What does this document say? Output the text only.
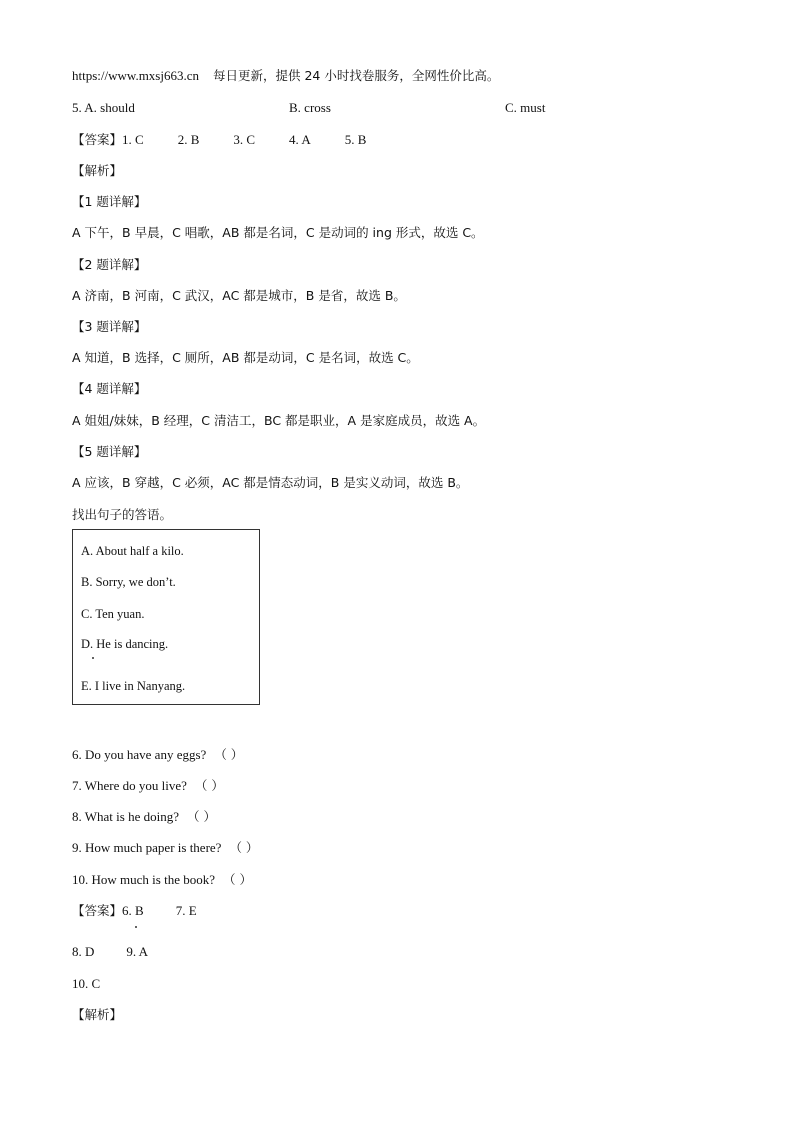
https://www.mxsj663.cn 每日更新，提供 24 小时找卷服务，全网性价比高。
5. A. should	B. cross	C. must
【答案】1. C	2. B	3. C	4. A	5. B
【解析】
【1 题详解】
A 下午，B 早晨，C 唱歌，AB 都是名词，C 是动词的 ing 形式，故选 C。
【2 题详解】
A 济南，B 河南，C 武汉，AC 都是城市，B 是省，故选 B。
【3 题详解】
A 知道，B 选择，C 厕所，AB 都是动词，C 是名词，故选 C。
【4 题详解】
A 姐姐/妹妹，B 经理，C 清洁工，BC 都是职业，A 是家庭成员，故选 A。
【5 题详解】
A 应该，B 穿越，C 必须，AC 都是情态动词，B 是实义动词，故选 B。
找出句子的答语。
A. About half a kilo.
B. Sorry, we don’t.
C. Ten yuan.
D. He is dancing.
E. I live in Nanyang.
6. Do you have any eggs? （ ）
7. Where do you live? （ ）
8. What is he doing? （ ）
9. How much paper is there? （ ）
10. How much is the book? （ ）
【答案】6. B 7. E
8. D 9. A
10. C
【解析】
